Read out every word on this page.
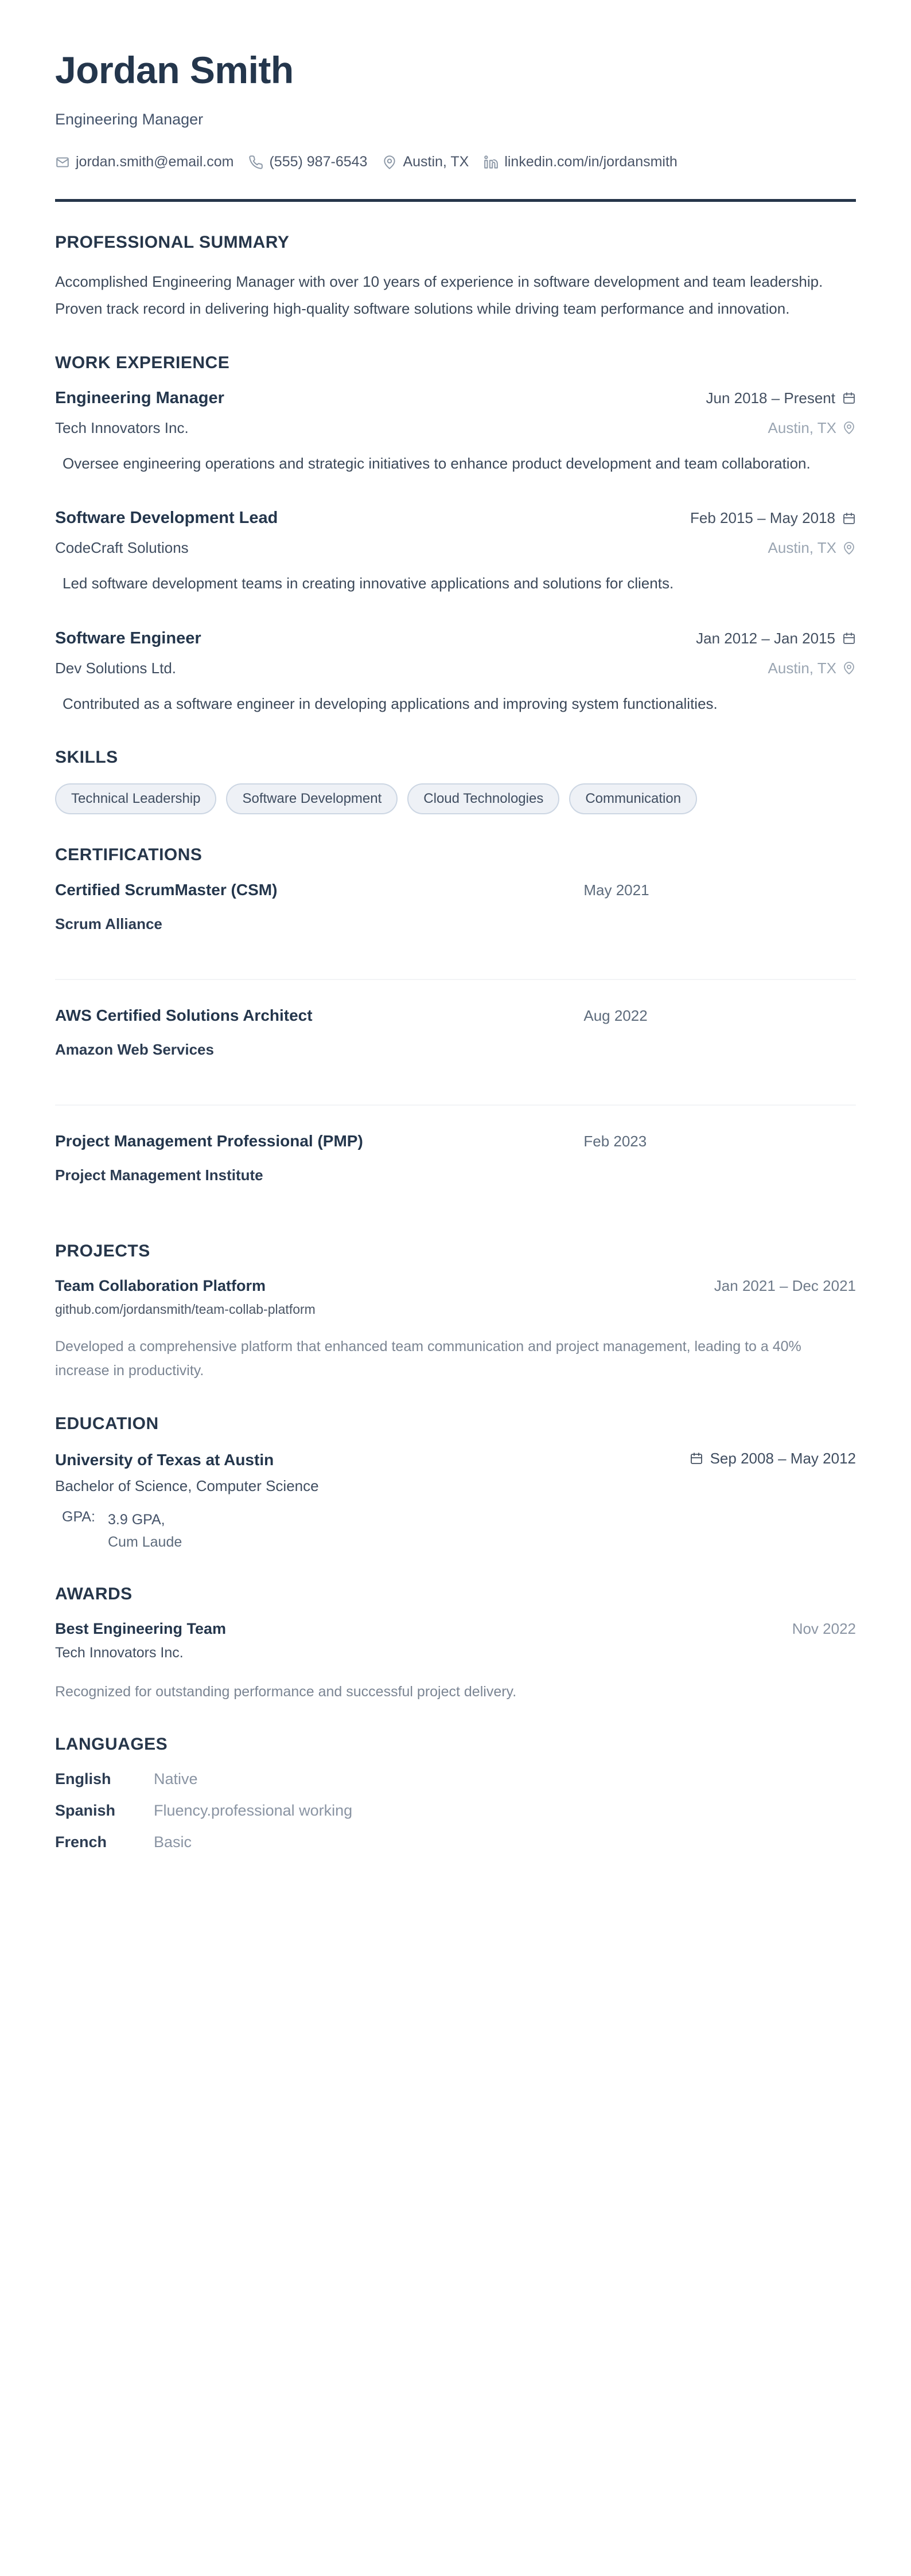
Jordan Smith
Engineering Manager
jordan.smith@email.com (555) 987-6543 Austin, TX linkedin.com/in/jordansmith
PROFESSIONAL SUMMARY

Accomplished Engineering Manager with over 10 years of experience in software development and team leadership. Proven track record in delivering high-quality software solutions while driving team performance and innovation.

WORK EXPERIENCE
Engineering Manager	Jun 2018 – Present
Tech Innovators Inc.	Austin, TX

Oversee engineering operations and strategic initiatives to enhance product development and team collaboration.

Software Development Lead	Feb 2015 – May 2018
CodeCraft Solutions	Austin, TX

Led software development teams in creating innovative applications and solutions for clients.

Software Engineer	Jan 2012 – Jan 2015
Dev Solutions Ltd.	Austin, TX

Contributed as a software engineer in developing applications and improving system functionalities.

SKILLS
Technical Leadership	Software Development	Cloud Technologies	Communication
CERTIFICATIONS
Certified ScrumMaster (CSM)	May 2021
Scrum Alliance
AWS Certified Solutions Architect	Aug 2022
Amazon Web Services
Project Management Professional (PMP)	Feb 2023
Project Management Institute
PROJECTS
Team Collaboration Platform	Jan 2021 – Dec 2021
github.com/jordansmith/team-collab-platform

Developed a comprehensive platform that enhanced team communication and project management, leading to a 40% increase in productivity.

EDUCATION
University of Texas at Austin	Sep 2008 – May 2012
Bachelor of Science, Computer Science
GPA: 3.9 GPA,
Cum Laude
AWARDS
Best Engineering Team	Nov 2022
Tech Innovators Inc.

Recognized for outstanding performance and successful project delivery.

LANGUAGES
English	Native
Spanish	Fluency.professional working
French	Basic
